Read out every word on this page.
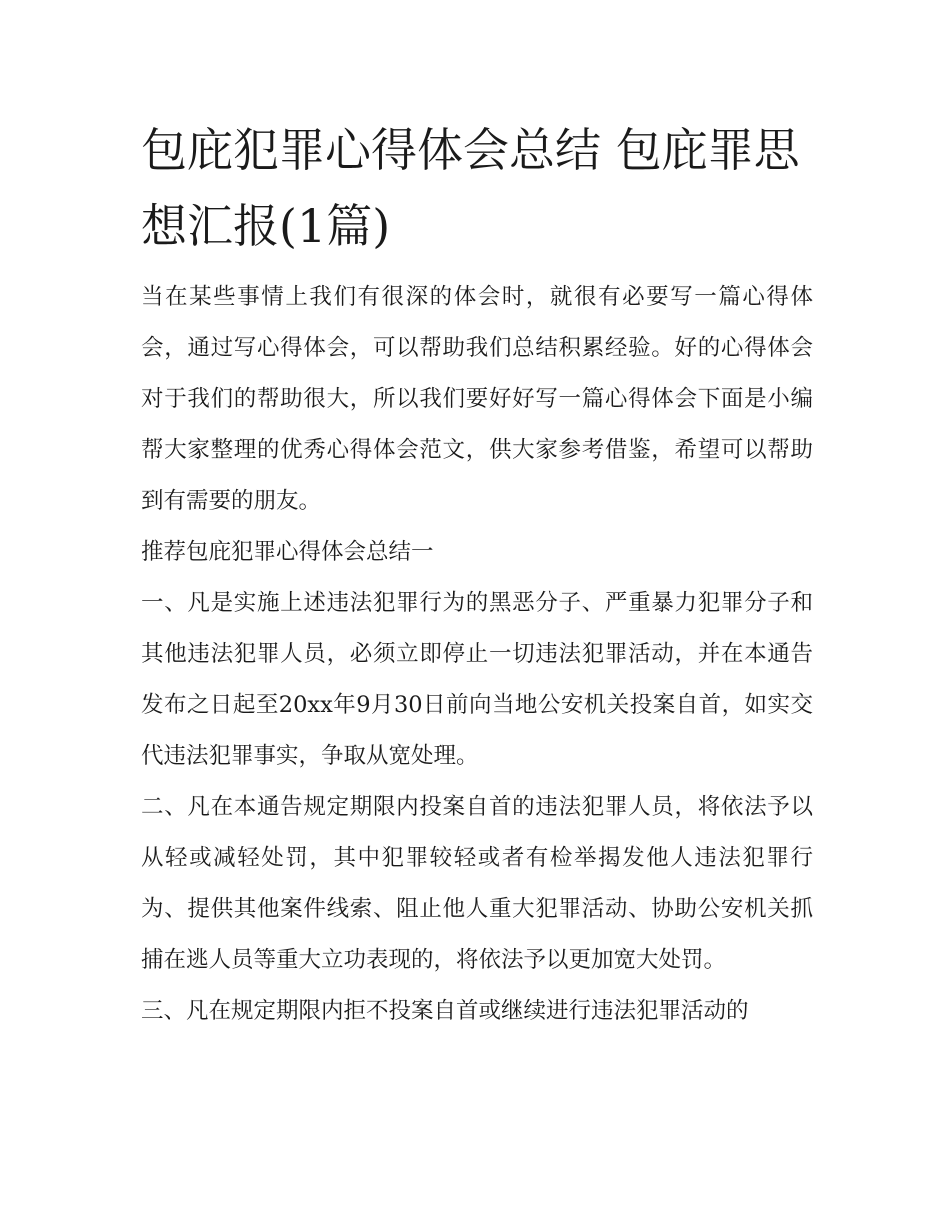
包庇犯罪心得体会总结 包庇罪思想汇报(1篇)

当在某些事情上我们有很深的体会时，就很有必要写一篇心得体会，通过写心得体会，可以帮助我们总结积累经验。好的心得体会对于我们的帮助很大，所以我们要好好写一篇心得体会下面是小编帮大家整理的优秀心得体会范文，供大家参考借鉴，希望可以帮助到有需要的朋友。

推荐包庇犯罪心得体会总结一

一、凡是实施上述违法犯罪行为的黑恶分子、严重暴力犯罪分子和其他违法犯罪人员，必须立即停止一切违法犯罪活动，并在本通告发布之日起至20xx年9月30日前向当地公安机关投案自首，如实交代违法犯罪事实，争取从宽处理。

二、凡在本通告规定期限内投案自首的违法犯罪人员，将依法予以从轻或减轻处罚，其中犯罪较轻或者有检举揭发他人违法犯罪行为、提供其他案件线索、阻止他人重大犯罪活动、协助公安机关抓捕在逃人员等重大立功表现的，将依法予以更加宽大处罚。

三、凡在规定期限内拒不投案自首或继续进行违法犯罪活动的
